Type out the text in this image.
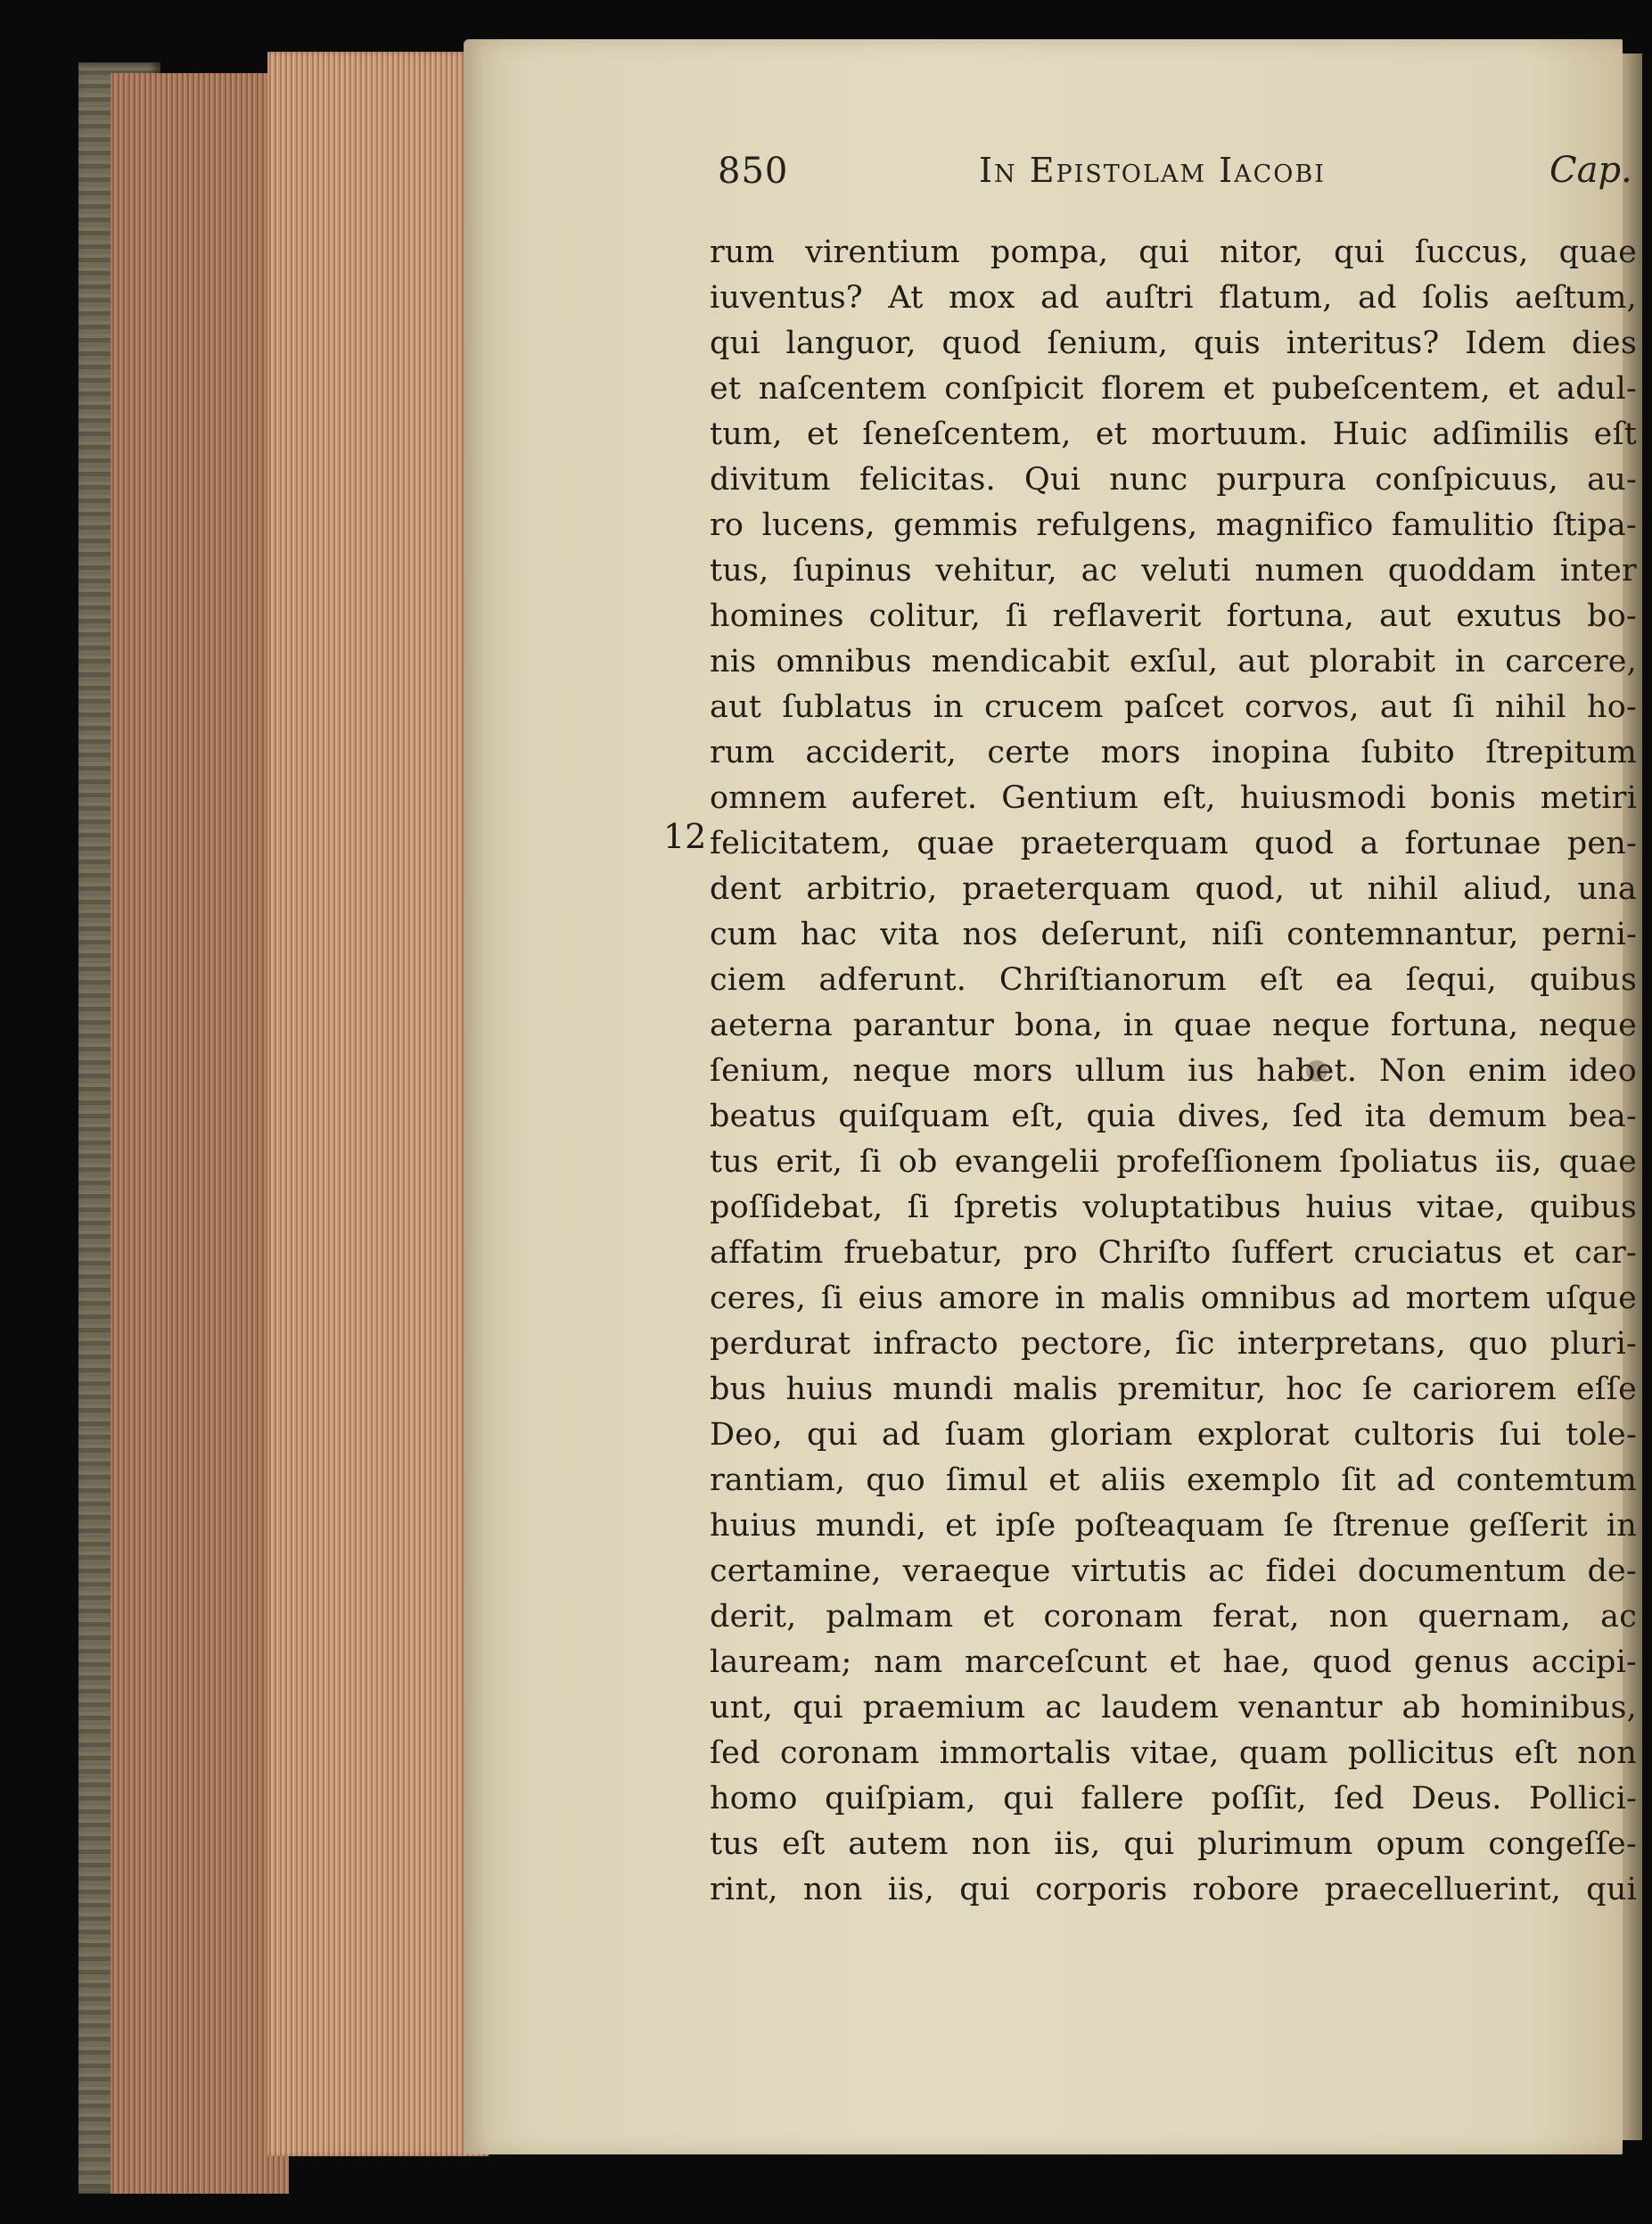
850	In Epistolam Iacobi	Cap.
12
rum virentium pompa, qui nitor, qui ſuccus, quae
iuventus? At mox ad auſtri flatum, ad ſolis aeſtum,
qui languor, quod ſenium, quis interitus? Idem dies
et naſcentem conſpicit florem et pubeſcentem, et adul-
tum, et ſeneſcentem, et mortuum. Huic adſimilis eſt
divitum felicitas. Qui nunc purpura conſpicuus, au-
ro lucens, gemmis refulgens, magnifico famulitio ſtipa-
tus, ſupinus vehitur, ac veluti numen quoddam inter
homines colitur, ſi reflaverit fortuna, aut exutus bo-
nis omnibus mendicabit exſul, aut plorabit in carcere,
aut ſublatus in crucem paſcet corvos, aut ſi nihil ho-
rum acciderit, certe mors inopina ſubito ſtrepitum
omnem auferet. Gentium eſt, huiusmodi bonis metiri
felicitatem, quae praeterquam quod a fortunae pen-
dent arbitrio, praeterquam quod, ut nihil aliud, una
cum hac vita nos deſerunt, niſi contemnantur, perni-
ciem adferunt. Chriſtianorum eſt ea ſequi, quibus
aeterna parantur bona, in quae neque fortuna, neque
ſenium, neque mors ullum ius habet. Non enim ideo
beatus quiſquam eſt, quia dives, ſed ita demum bea-
tus erit, ſi ob evangelii profeſſionem ſpoliatus iis, quae
poſſidebat, ſi ſpretis voluptatibus huius vitae, quibus
affatim fruebatur, pro Chriſto ſuffert cruciatus et car-
ceres, ſi eius amore in malis omnibus ad mortem uſque
perdurat infracto pectore, ſic interpretans, quo pluri-
bus huius mundi malis premitur, hoc ſe cariorem eſſe
Deo, qui ad ſuam gloriam explorat cultoris ſui tole-
rantiam, quo ſimul et aliis exemplo ſit ad contemtum
huius mundi, et ipſe poſteaquam ſe ſtrenue geſſerit in
certamine, veraeque virtutis ac fidei documentum de-
derit, palmam et coronam ferat, non quernam, ac
lauream; nam marceſcunt et hae, quod genus accipi-
unt, qui praemium ac laudem venantur ab hominibus,
ſed coronam immortalis vitae, quam pollicitus eſt non
homo quiſpiam, qui fallere poſſit, ſed Deus. Pollici-
tus eſt autem non iis, qui plurimum opum congeſſe-
rint, non iis, qui corporis robore praecelluerint, qui
